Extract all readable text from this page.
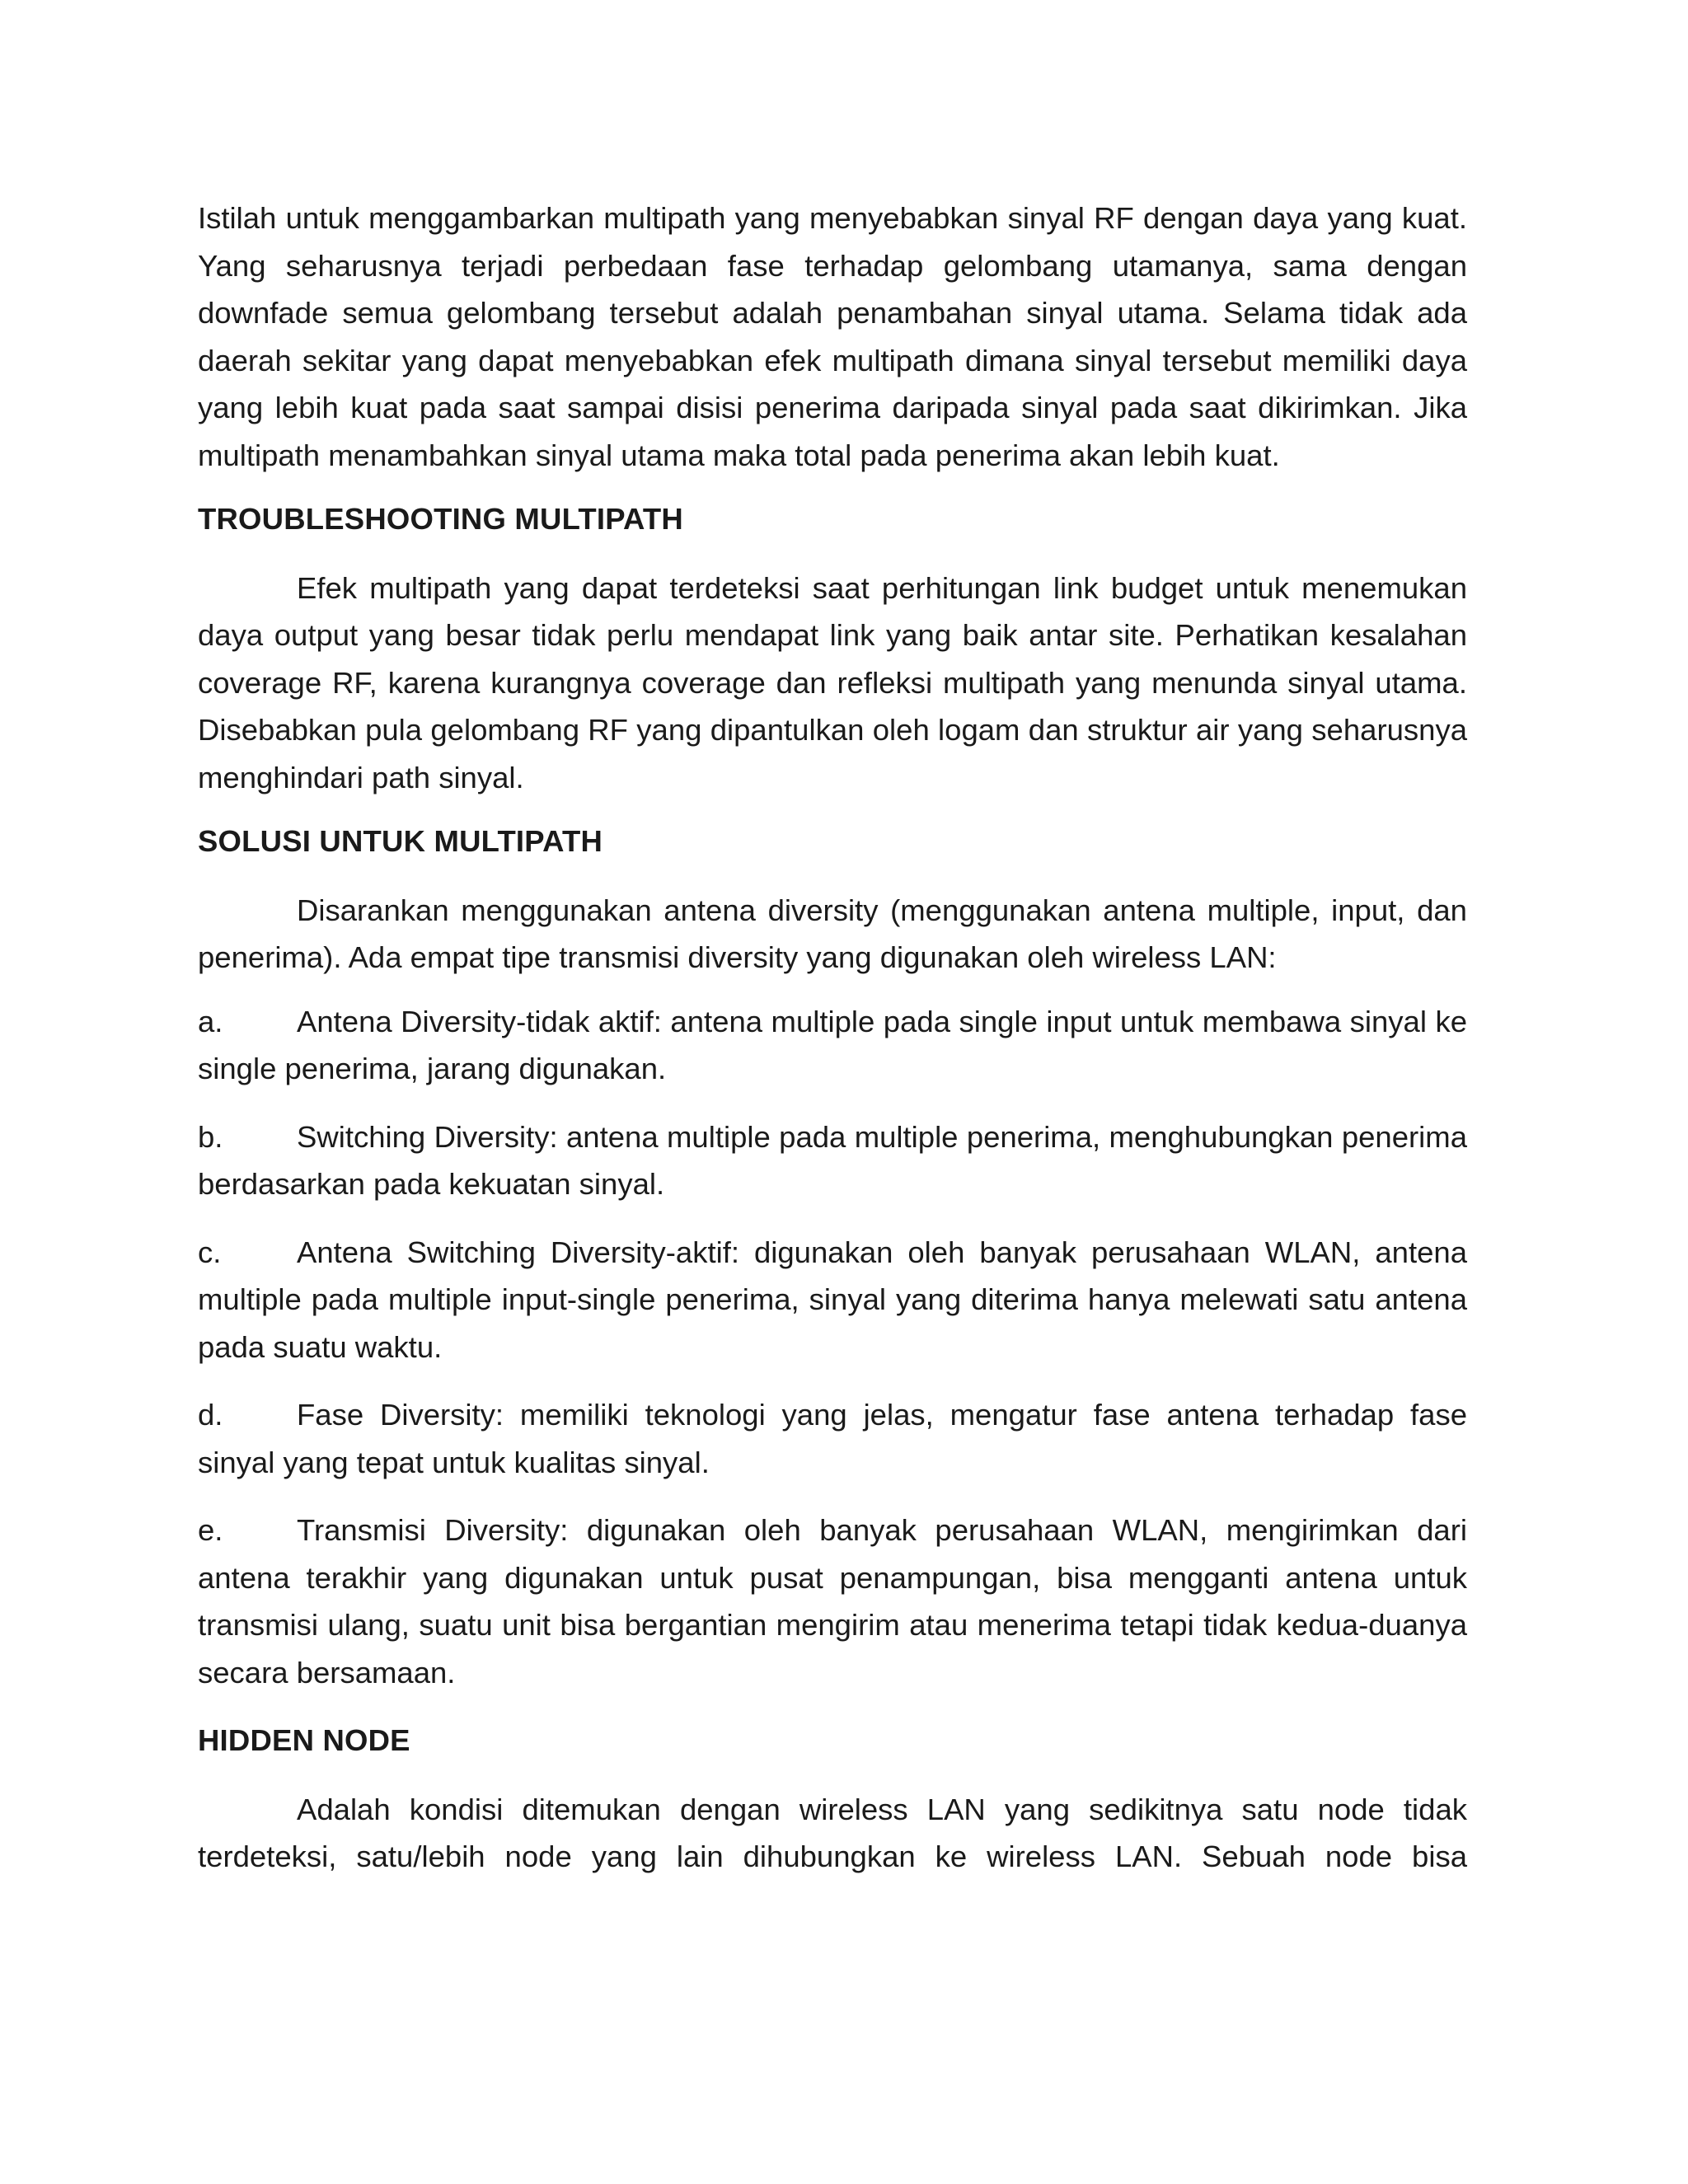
Istilah untuk menggambarkan multipath yang menyebabkan sinyal RF dengan daya yang kuat. Yang seharusnya terjadi perbedaan fase terhadap gelombang utamanya, sama dengan downfade semua gelombang tersebut adalah penambahan sinyal utama. Selama tidak ada daerah sekitar yang dapat menyebabkan efek multipath dimana sinyal tersebut memiliki daya yang lebih kuat pada saat sampai disisi penerima daripada sinyal pada saat dikirimkan. Jika multipath menambahkan sinyal utama maka total pada penerima akan lebih kuat.

TROUBLESHOOTING MULTIPATH

Efek multipath yang dapat terdeteksi saat perhitungan link budget untuk menemukan daya output yang besar tidak perlu mendapat link yang baik antar site. Perhatikan kesalahan coverage RF, karena kurangnya coverage dan refleksi multipath yang menunda sinyal utama. Disebabkan pula gelombang RF yang dipantulkan oleh logam dan struktur air yang seharusnya menghindari path sinyal.

SOLUSI UNTUK MULTIPATH

Disarankan menggunakan antena diversity (menggunakan antena multiple, input, dan penerima). Ada empat tipe transmisi diversity yang digunakan oleh wireless LAN:

a. Antena Diversity-tidak aktif: antena multiple pada single input untuk membawa sinyal ke single penerima, jarang digunakan.

b. Switching Diversity: antena multiple pada multiple penerima, menghubungkan penerima berdasarkan pada kekuatan sinyal.

c.	Antena Switching Diversity-aktif: digunakan oleh banyak perusahaan WLAN, antena multiple pada multiple input-single penerima, sinyal yang diterima hanya melewati satu antena pada suatu waktu.

d. Fase Diversity: memiliki teknologi yang jelas, mengatur fase antena terhadap fase sinyal yang tepat untuk kualitas sinyal.

e. Transmisi Diversity: digunakan oleh banyak perusahaan WLAN, mengirimkan dari antena terakhir yang digunakan untuk pusat penampungan, bisa mengganti antena untuk transmisi ulang, suatu unit bisa bergantian mengirim atau menerima tetapi tidak kedua-duanya secara bersamaan.

HIDDEN NODE

Adalah kondisi ditemukan dengan wireless LAN yang sedikitnya satu node tidak terdeteksi, satu/lebih node yang lain dihubungkan ke wireless LAN. Sebuah node bisa
